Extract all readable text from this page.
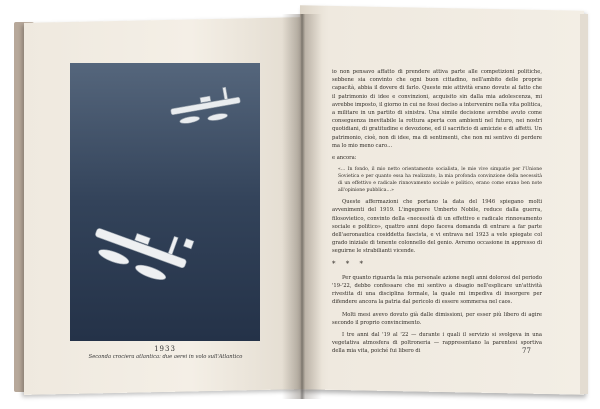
1933
Seconda crociera atlantica: due aerei in volo sull'Atlantico

io non pensavo affatto di prendere attiva parte alle competizioni politiche, sebbene sia convinto che ogni buon cittadino, nell'ambito delle proprie capacità, abbia il dovere di farlo. Queste mie attività erano dovute al fatto che il patrimonio di idee e convinzioni, acquisito sin dalla mia adolescenza, mi avrebbe imposto, il giorno in cui ne fossi deciso a intervenire nella vita politica, a militare in un partito di sinistra. Una simile decisione avrebbe avuto come conseguenza inevitabile la rottura aperta con ambienti nel futuro, nei nostri quotidiani, di gratitudine e devozione, ed il sacrificio di amicizie e di affetti. Un patrimonio, cioè, non di idee, ma di sentimenti, che non mi sentivo di perdere ma lo mio meno caro…

e ancora:

«… In fondo, il mio netto orientamento socialista, le mie vive simpatie per l'Unione Sovietica e per quanto essa ha realizzato, la mia profonda convinzione della necessità di un effettivo e radicale rinnovamento sociale e politico, erano come erano ben note all'opinione pubblica…»

Queste affermazioni che portano la data del 1946 spiegano molti avvenimenti del 1919. L'ingegnere Umberto Nobile, reduce dalla guerra, filosovietico, convinto della «necessità di un effettivo e radicale rinnovamento sociale e politico», quattro anni dopo faceva domanda di entrare a far parte dell'aeronautica cosiddetta fascista, e vi entrava nel 1923 a vele spiegate col grado iniziale di tenente colonnello del genio. Avremo occasione in appresso di seguirne le strabilianti vicende.

* * *

Per quanto riguarda la mia personale azione negli anni dolorosi del periodo '19-'22, debbo confessare che mi sentivo a disagio nell'esplicare un'attività rivestita di una disciplina formale, la quale mi impediva di insorgere per difendere ancora la patria dal pericolo di essere sommersa nel caos.

Molti mesi avevo dovuto già dalle dimissioni, per esser più libero di agire secondo il proprio convincimento.

I tre anni dal '19 al '22 — durante i quali il servizio si svolgeva in una vegetativa atmosfera di poltroneria — rappresentano la parentesi sportiva della mia vita, poiché fui libero di	77
